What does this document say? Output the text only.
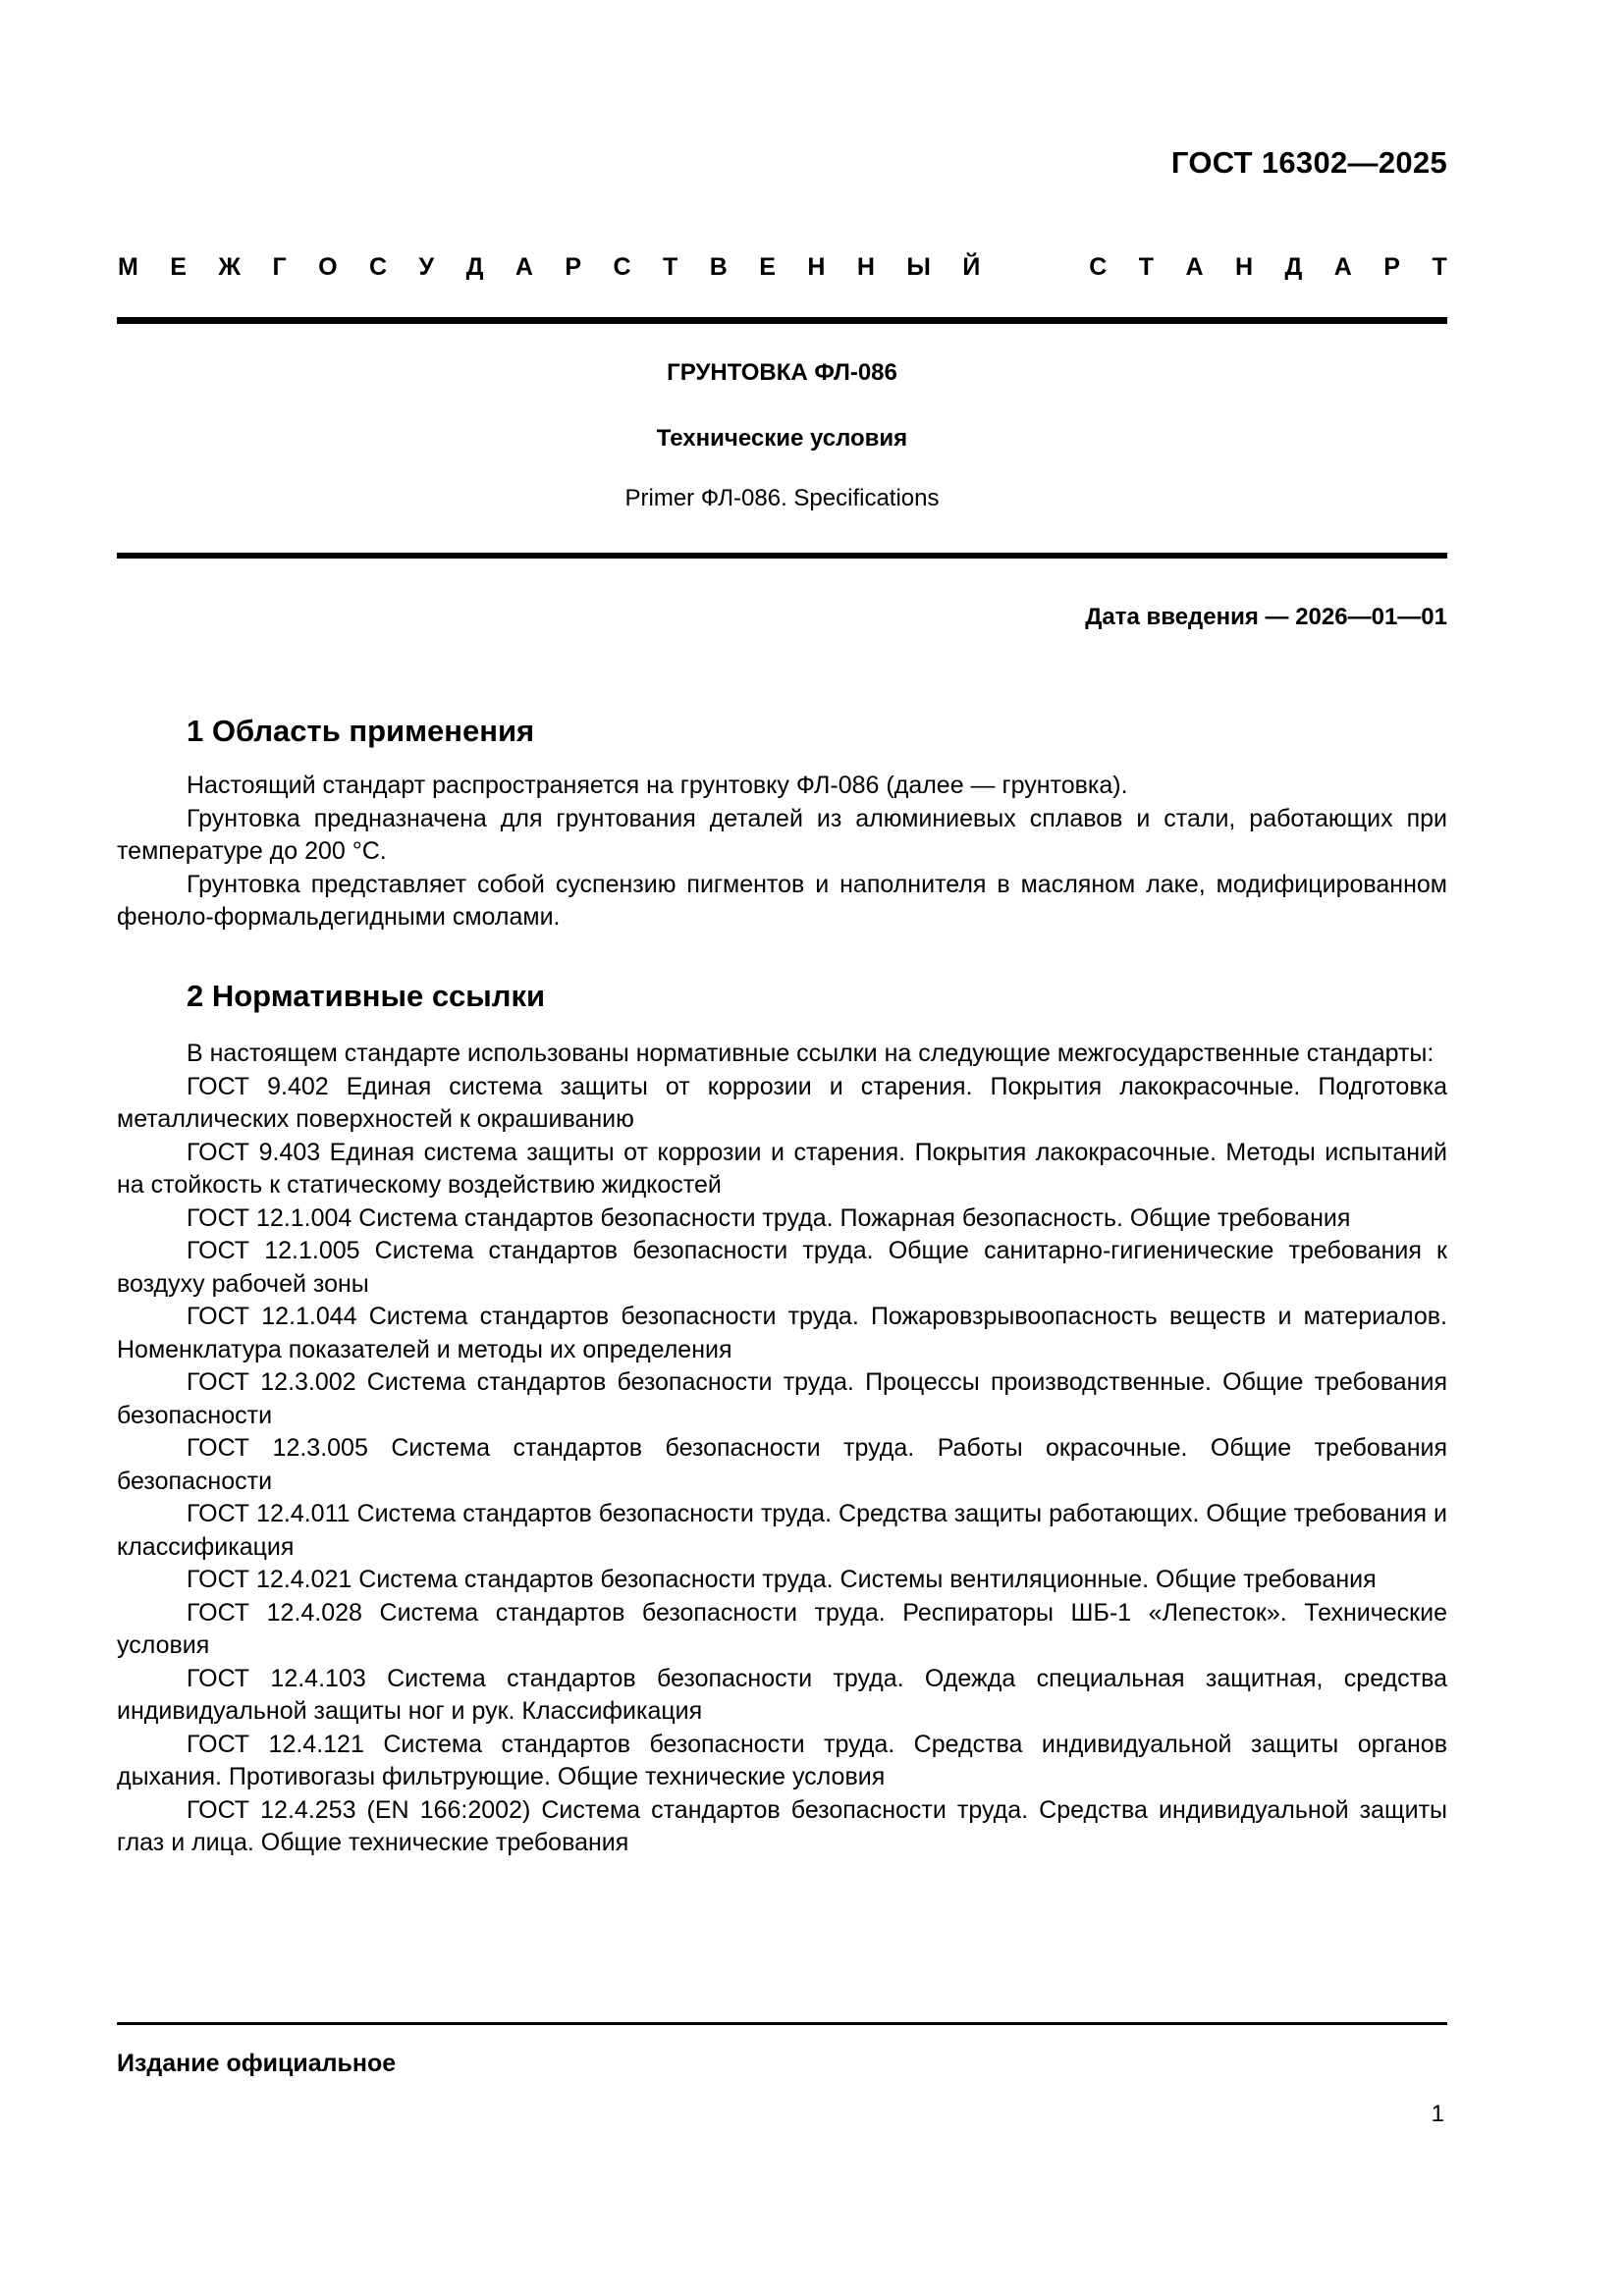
ГОСТ 16302—2025
М Е Ж Г О С У Д А Р С Т В Е Н Н Ы Й	С Т А Н Д А Р Т
ГРУНТОВКА ФЛ-086
Технические условия
Primer ФЛ-086. Specifications
Дата введения — 2026—01—01
1 Область применения

Настоящий стандарт распространяется на грунтовку ФЛ-086 (далее — грунтовка).

Грунтовка предназначена для грунтования деталей из алюминиевых сплавов и стали, работающих при температуре до 200 °С.

Грунтовка представляет собой суспензию пигментов и наполнителя в масляном лаке, модифицированном феноло-формальдегидными смолами.

2 Нормативные ссылки

В настоящем стандарте использованы нормативные ссылки на следующие межгосударственные стандарты:

ГОСТ 9.402 Единая система защиты от коррозии и старения. Покрытия лакокрасочные. Подготовка металлических поверхностей к окрашиванию

ГОСТ 9.403 Единая система защиты от коррозии и старения. Покрытия лакокрасочные. Методы испытаний на стойкость к статическому воздействию жидкостей

ГОСТ 12.1.004 Система стандартов безопасности труда. Пожарная безопасность. Общие требования

ГОСТ 12.1.005 Система стандартов безопасности труда. Общие санитарно-гигиенические требования к воздуху рабочей зоны

ГОСТ 12.1.044 Система стандартов безопасности труда. Пожаровзрывоопасность веществ и материалов. Номенклатура показателей и методы их определения

ГОСТ 12.3.002 Система стандартов безопасности труда. Процессы производственные. Общие требования безопасности

ГОСТ 12.3.005 Система стандартов безопасности труда. Работы окрасочные. Общие требования безопасности

ГОСТ 12.4.011 Система стандартов безопасности труда. Средства защиты работающих. Общие требования и классификация

ГОСТ 12.4.021 Система стандартов безопасности труда. Системы вентиляционные. Общие требования

ГОСТ 12.4.028 Система стандартов безопасности труда. Респираторы ШБ-1 «Лепесток». Технические условия

ГОСТ 12.4.103 Система стандартов безопасности труда. Одежда специальная защитная, средства индивидуальной защиты ног и рук. Классификация

ГОСТ 12.4.121 Система стандартов безопасности труда. Средства индивидуальной защиты органов дыхания. Противогазы фильтрующие. Общие технические условия

ГОСТ 12.4.253 (EN 166:2002) Система стандартов безопасности труда. Средства индивидуальной защиты глаз и лица. Общие технические требования

Издание официальное
1
